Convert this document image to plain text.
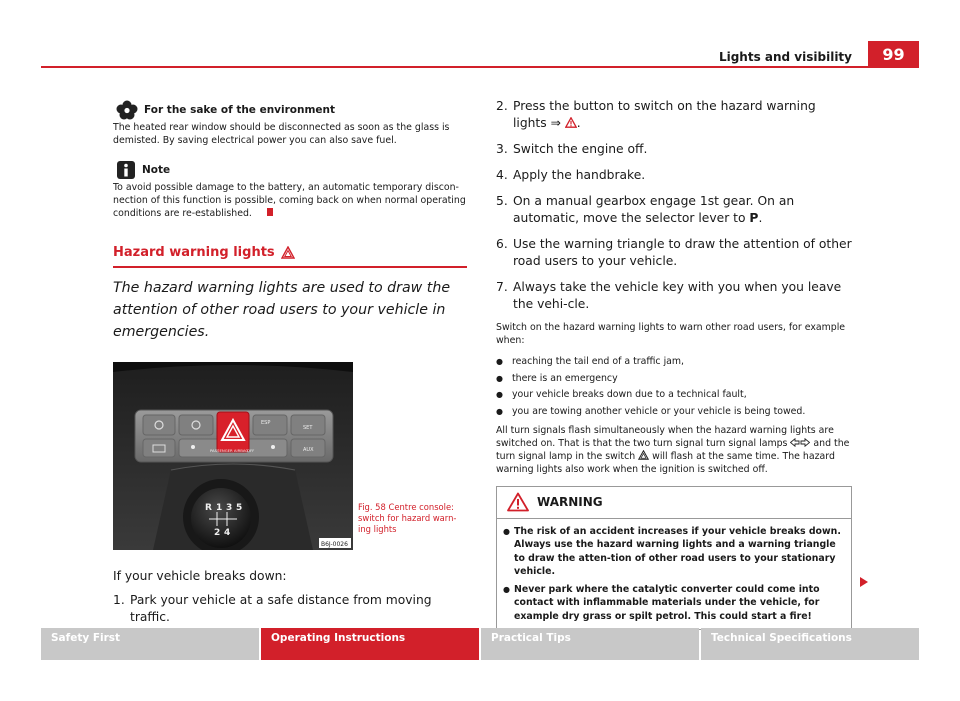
Lights and visibility	99
For the sake of the environment

The heated rear window should be disconnected as soon as the glass is demisted. By saving electrical power you can also save fuel.

Note

To avoid possible damage to the battery, an automatic temporary discon-nection of this function is possible, coming back on when normal operating conditions are re-established.

Hazard warning lights

The hazard warning lights are used to draw the attention of other road users to your vehicle in emergencies.

ESP
SET
AUX
PASSENGER AIRBAG
OFF
R 1 3 5
2 4
B6J-0026
Fig. 58 Centre console: switch for hazard warn-ing lights

If your vehicle breaks down:

1. Park your vehicle at a safe distance from moving traffic.
2. Press the button to switch on the hazard warning lights ⇒ .
3. Switch the engine off.
4. Apply the handbrake.
5. On a manual gearbox engage 1st gear. On an automatic, move the selector lever to P.
6. Use the warning triangle to draw the attention of other road users to your vehicle.
7. Always take the vehicle key with you when you leave the vehi-cle.

Switch on the hazard warning lights to warn other road users, for example when:

● reaching the tail end of a traffic jam,
● there is an emergency
● your vehicle breaks down due to a technical fault,
● you are towing another vehicle or your vehicle is being towed.

All turn signals flash simultaneously when the hazard warning lights are switched on. That is that the two turn signal turn signal lamps	and the turn signal lamp in the switch will flash at the same time. The hazard warning lights also work when the ignition is switched off.

WARNING
● The risk of an accident increases if your vehicle breaks down. Always use the hazard warning lights and a warning triangle to draw the atten-tion of other road users to your stationary vehicle.
● Never park where the catalytic converter could come into contact with inflammable materials under the vehicle, for example dry grass or spilt petrol. This could start a fire!
Safety First	Operating Instructions	Practical Tips	Technical Specifications
